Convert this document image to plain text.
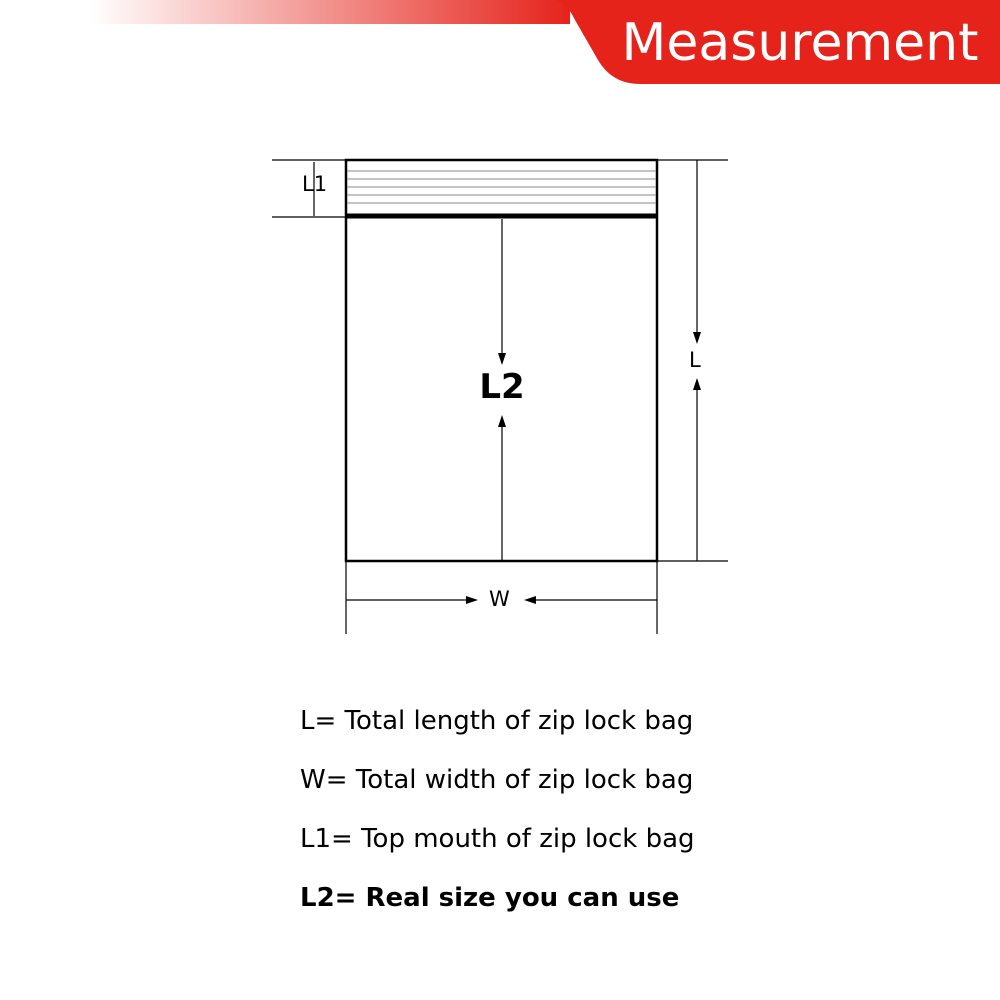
Measurement
L1
L
W
L2
L= Total length of zip lock bag
W= Total width of zip lock bag
L1= Top mouth of zip lock bag
L2= Real size you can use
